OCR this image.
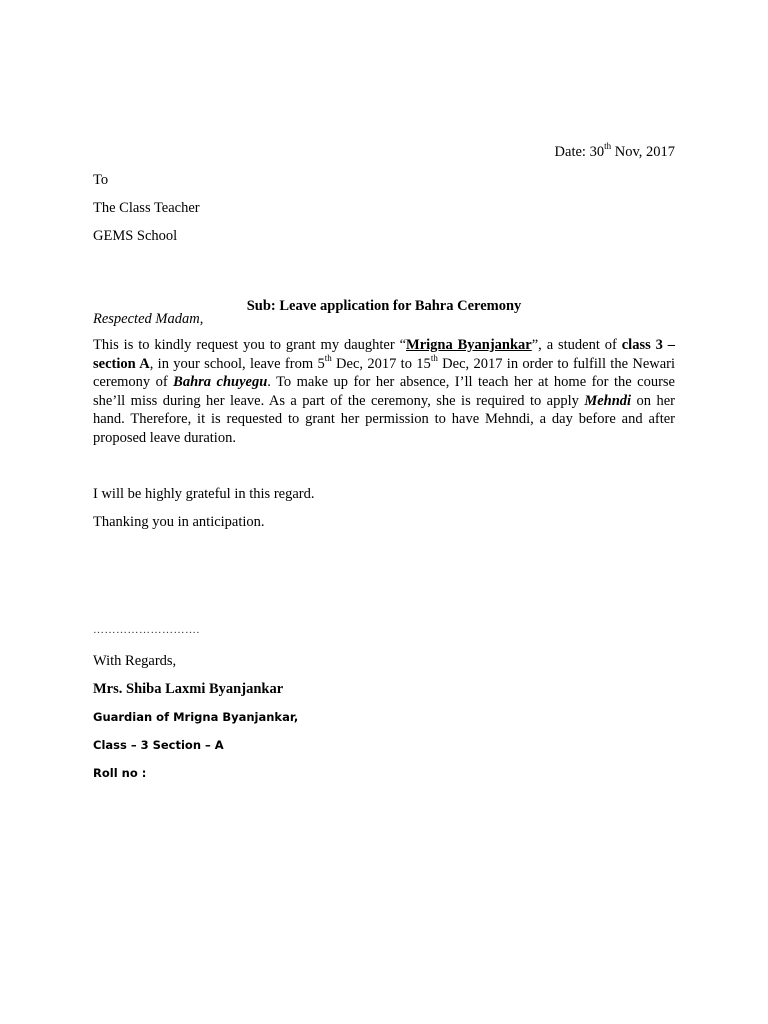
Date: 30th Nov, 2017

To

The Class Teacher

GEMS School

Sub: Leave application for Bahra Ceremony

Respected Madam,

This is to kindly request you to grant my daughter “Mrigna Byanjankar”, a student of class 3 – section A, in your school, leave from 5th Dec, 2017 to 15th Dec, 2017 in order to fulfill the Newari ceremony of Bahra chuyegu. To make up for her absence, I’ll teach her at home for the course she’ll miss during her leave. As a part of the ceremony, she is required to apply Mehndi on her hand. Therefore, it is requested to grant her permission to have Mehndi, a day before and after proposed leave duration.

I will be highly grateful in this regard.

Thanking you in anticipation.

……………………….

With Regards,

Mrs. Shiba Laxmi Byanjankar

Guardian of Mrigna Byanjankar,

Class – 3 Section – A

Roll no :
